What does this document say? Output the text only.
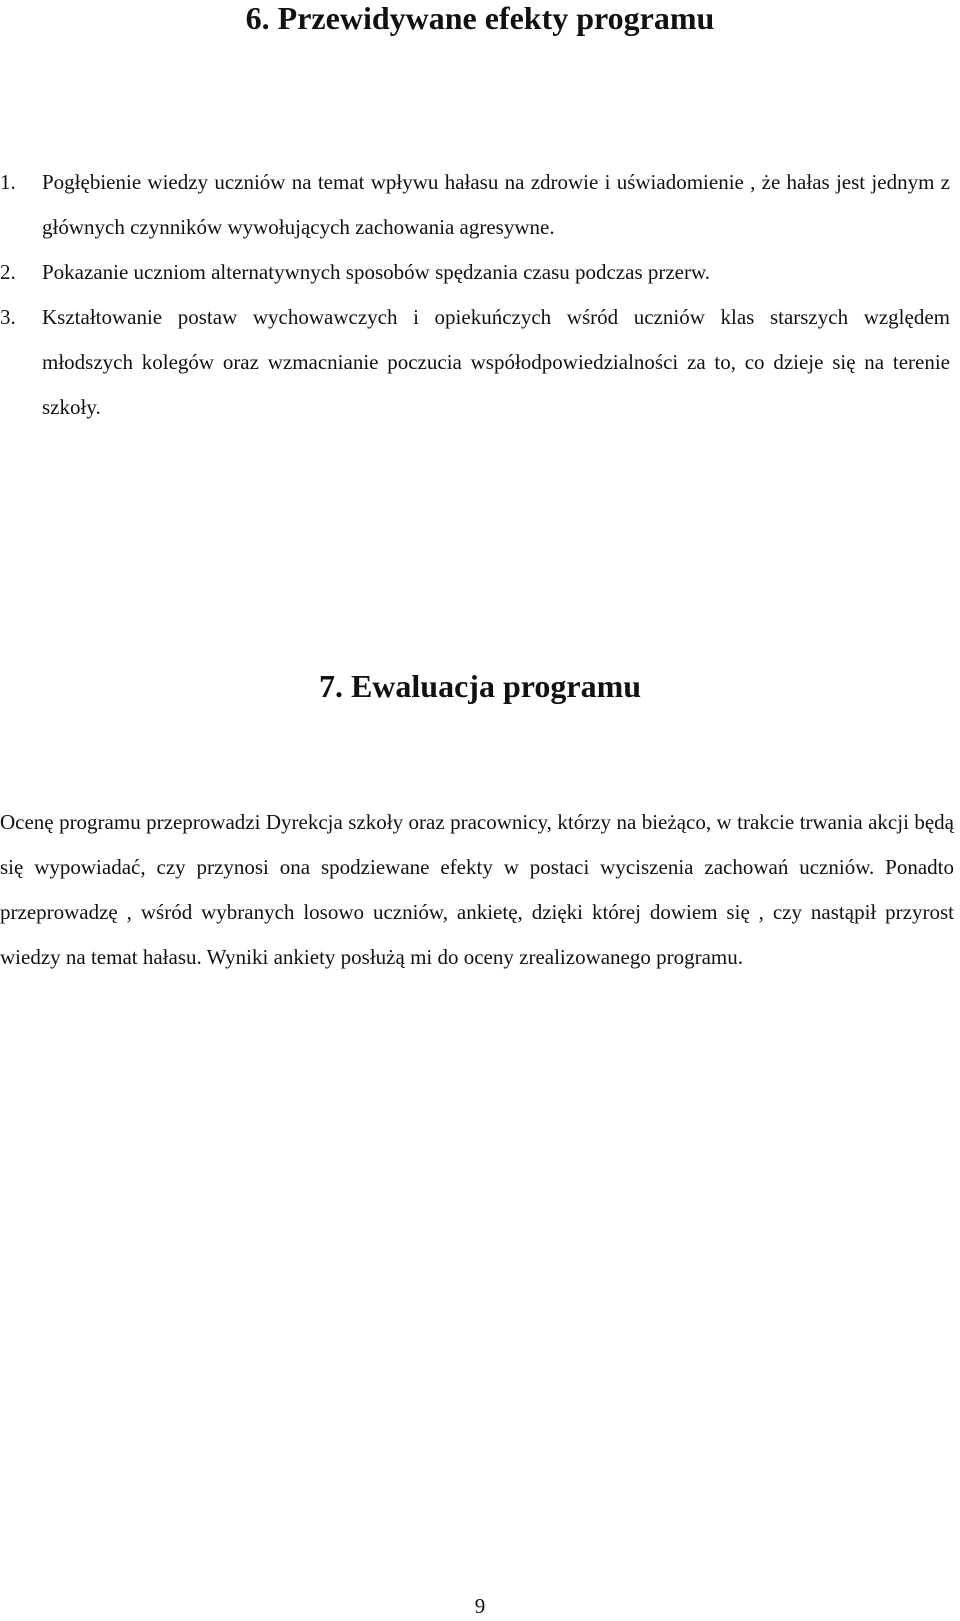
6. Przewidywane efekty programu
1. Pogłębienie wiedzy uczniów na temat wpływu hałasu na zdrowie i uświadomienie , że hałas jest jednym z głównych czynników wywołujących zachowania agresywne.
2. Pokazanie uczniom alternatywnych sposobów spędzania czasu podczas przerw.
3. Kształtowanie postaw wychowawczych i opiekuńczych wśród uczniów klas starszych względem młodszych kolegów oraz wzmacnianie poczucia współodpowiedzialności za to, co dzieje się na terenie szkoły.
7. Ewaluacja programu

Ocenę programu przeprowadzi Dyrekcja szkoły oraz pracownicy, którzy na bieżąco, w trakcie trwania akcji będą się wypowiadać, czy przynosi ona spodziewane efekty w postaci wyciszenia zachowań uczniów. Ponadto przeprowadzę , wśród wybranych losowo uczniów, ankietę, dzięki której dowiem się , czy nastąpił przyrost wiedzy na temat hałasu. Wyniki ankiety posłużą mi do oceny zrealizowanego programu.

9
